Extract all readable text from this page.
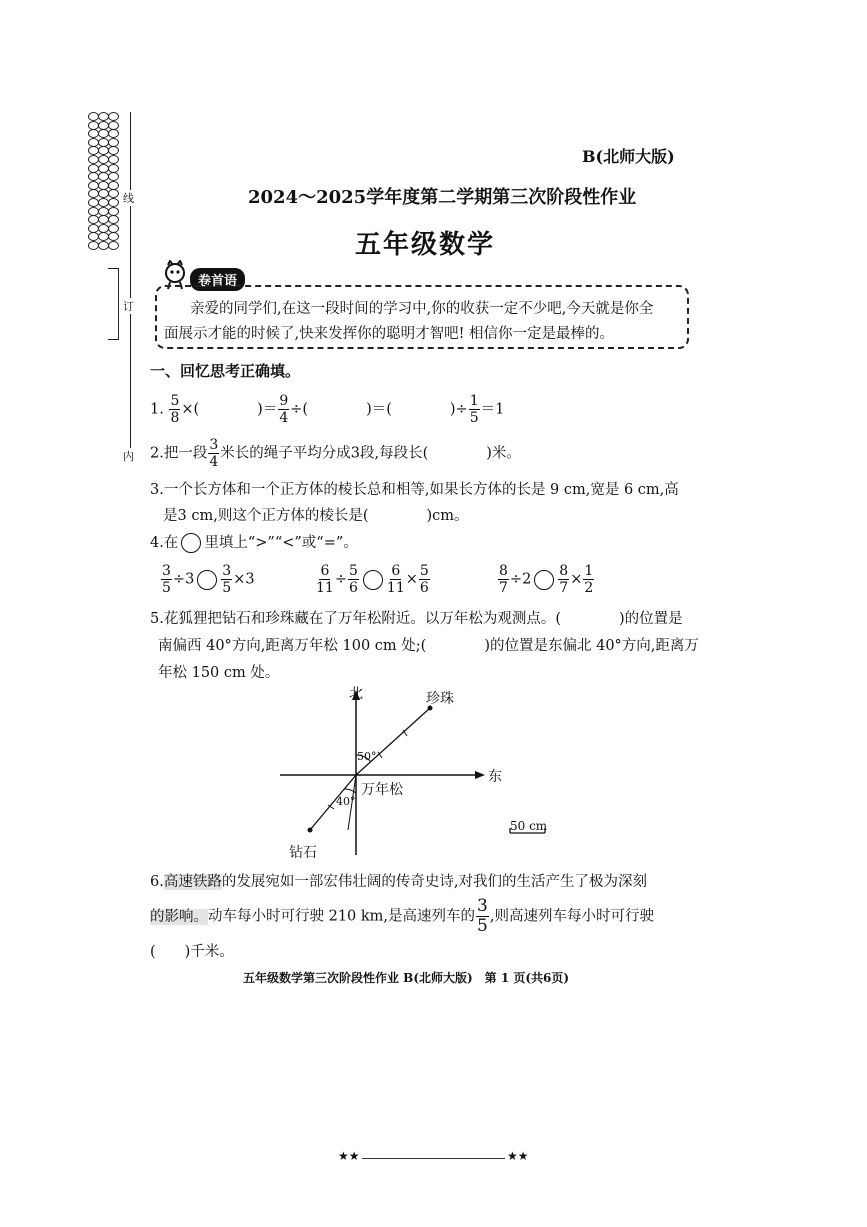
线
订
内
B(北师大版)
2024～2025学年度第二学期第三次阶段性作业
五年级数学
卷首语
亲爱的同学们,在这一段时间的学习中,你的收获一定不少吧,今天就是你全
面展示才能的时候了,快来发挥你的聪明才智吧! 相信你一定是最棒的。
一、回忆思考正确填。
1. $\frac{5}{8}$ ×(　　　　)＝ $\frac{9}{4}$ ÷(　　　　)＝(　　　　)÷ $\frac{1}{5} =1$
2.把一段 $\frac{3}{4}$ 米长的绳子平均分成3段,每段长(　　　　)米。
3.一个长方体和一个正方体的棱长总和相等,如果长方体的长是 9 cm,宽是 6 cm,高
是3 cm,则这个正方体的棱长是(　　　　)cm。
4.在 里填上“>”“<”或“=”。
$\frac{3}{5} \div 3 \frac{3}{5} \times 3$	$\frac{6}{11} \div \frac{5}{6} \frac{6}{11} \times \frac{5}{6}$	$\frac{8}{7} \div 2 \frac{8}{7} \times \frac{1}{2}$
5.花狐狸把钻石和珍珠藏在了万年松附近。以万年松为观测点。(　　　　)的位置是
南偏西 40°方向,距离万年松 100 cm 处;(　　　　)的位置是东偏北 40°方向,距离万
年松 150 cm 处。
北	珍珠
50°
东
万年松
40°
50 cm
钻石
6.高速铁路的发展宛如一部宏伟壮阔的传奇史诗,对我们的生活产生了极为深刻
的影响。动车每小时可行驶 210 km,是高速列车的 $\frac{3}{5}$ ,则高速列车每小时可行驶
(　　)千米。
五年级数学第三次阶段性作业 B(北师大版)　第 1 页(共6页)
★★	★★
